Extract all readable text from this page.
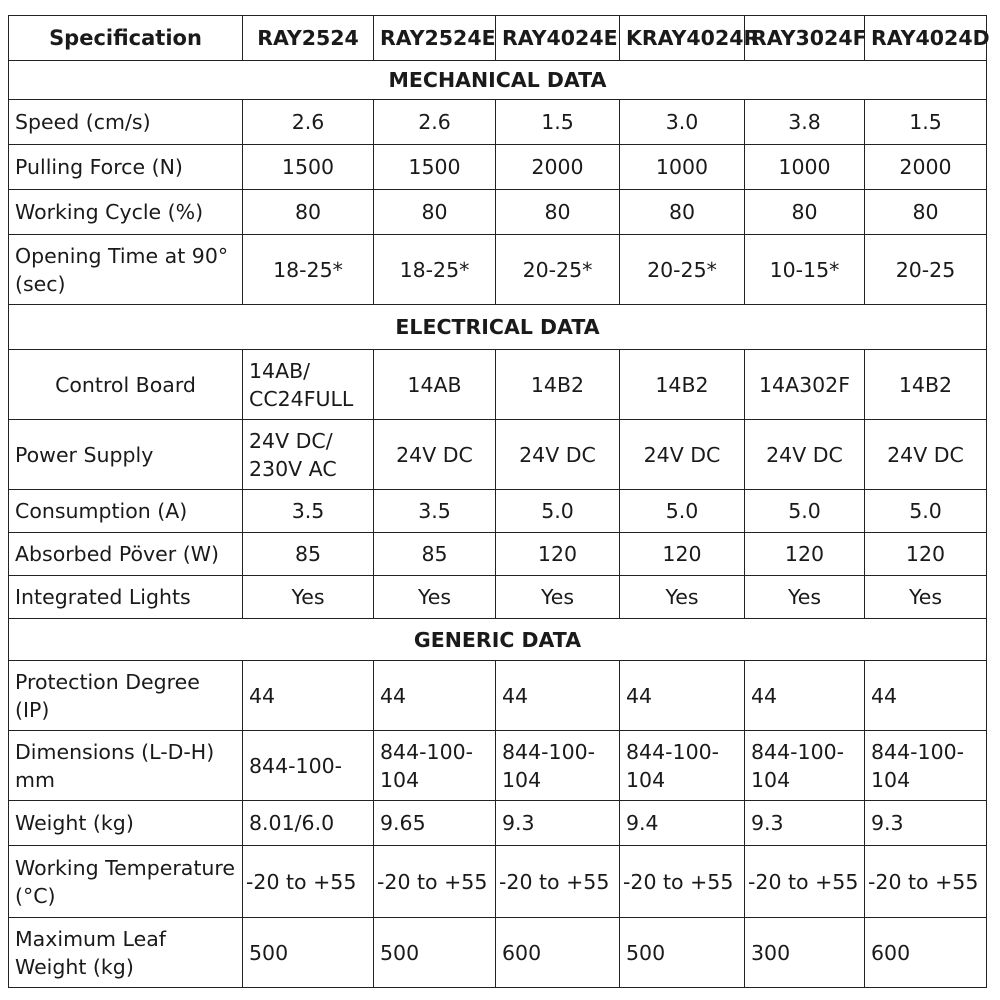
Specification	RAY2524	RAY2524E	RAY4024E	KRAY4024R	RAY3024F	RAY4024D
MECHANICAL DATA						
Speed (cm/s)	2.6	2.6	1.5	3.0	3.8	1.5
Pulling Force (N)	1500	1500	2000	1000	1000	2000
Working Cycle (%)	80	80	80	80	80	80
Opening Time at 90° (sec)	18-25*	18-25*	20-25*	20-25*	10-15*	20-25
ELECTRICAL DATA						
Control Board	14AB/ CC24FULL	14AB	14B2	14B2	14A302F	14B2
Power Supply	24V DC/ 230V AC	24V DC	24V DC	24V DC	24V DC	24V DC
Consumption (A)	3.5	3.5	5.0	5.0	5.0	5.0
Absorbed Pöver (W)	85	85	120	120	120	120
Integrated Lights	Yes	Yes	Yes	Yes	Yes	Yes
GENERIC DATA						
Protection Degree (IP)	44	44	44	44	44	44
Dimensions (L-D-H) mm	844-100-	844-100- 104	844-100- 104	844-100- 104	844-100- 104	844-100- 104
Weight (kg)	8.01/6.0	9.65	9.3	9.4	9.3	9.3
Working Temperature (°C)	-20 to +55	-20 to +55	-20 to +55	-20 to +55	-20 to +55	-20 to +55
Maximum Leaf Weight (kg)	500	500	600	500	300	600
